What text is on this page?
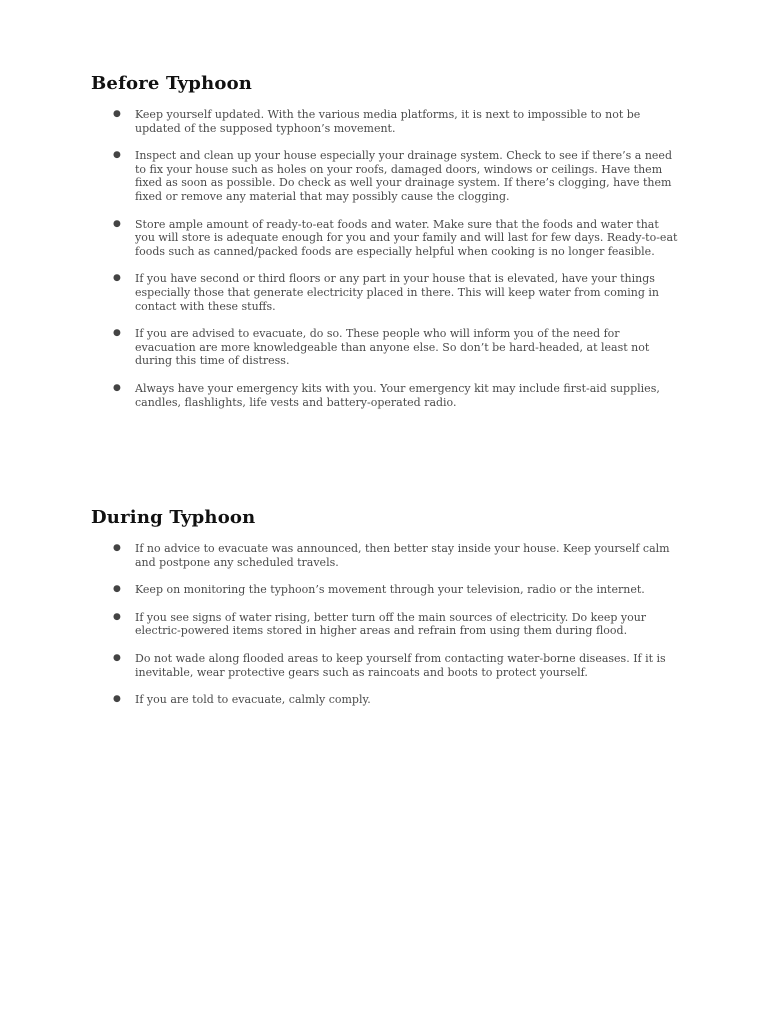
Before Typhoon
● Keep yourself updated. With the various media platforms, it is next to impossible to not be updated of the supposed typhoon’s movement.
● Inspect and clean up your house especially your drainage system. Check to see if there’s a need to fix your house such as holes on your roofs, damaged doors, windows or ceilings. Have them fixed as soon as possible. Do check as well your drainage system. If there’s clogging, have them fixed or remove any material that may possibly cause the clogging.
● Store ample amount of ready-to-eat foods and water. Make sure that the foods and water that you will store is adequate enough for you and your family and will last for few days. Ready-to-eat foods such as canned/packed foods are especially helpful when cooking is no longer feasible.
● If you have second or third floors or any part in your house that is elevated, have your things especially those that generate electricity placed in there. This will keep water from coming in contact with these stuffs.
● If you are advised to evacuate, do so. These people who will inform you of the need for evacuation are more knowledgeable than anyone else. So don’t be hard-headed, at least not during this time of distress.
● Always have your emergency kits with you. Your emergency kit may include first-aid supplies, candles, flashlights, life vests and battery-operated radio.
During Typhoon
● If no advice to evacuate was announced, then better stay inside your house. Keep yourself calm and postpone any scheduled travels.
● Keep on monitoring the typhoon’s movement through your television, radio or the internet.
● If you see signs of water rising, better turn off the main sources of electricity. Do keep your electric-powered items stored in higher areas and refrain from using them during flood.
● Do not wade along flooded areas to keep yourself from contacting water-borne diseases. If it is inevitable, wear protective gears such as raincoats and boots to protect yourself.
● If you are told to evacuate, calmly comply.
